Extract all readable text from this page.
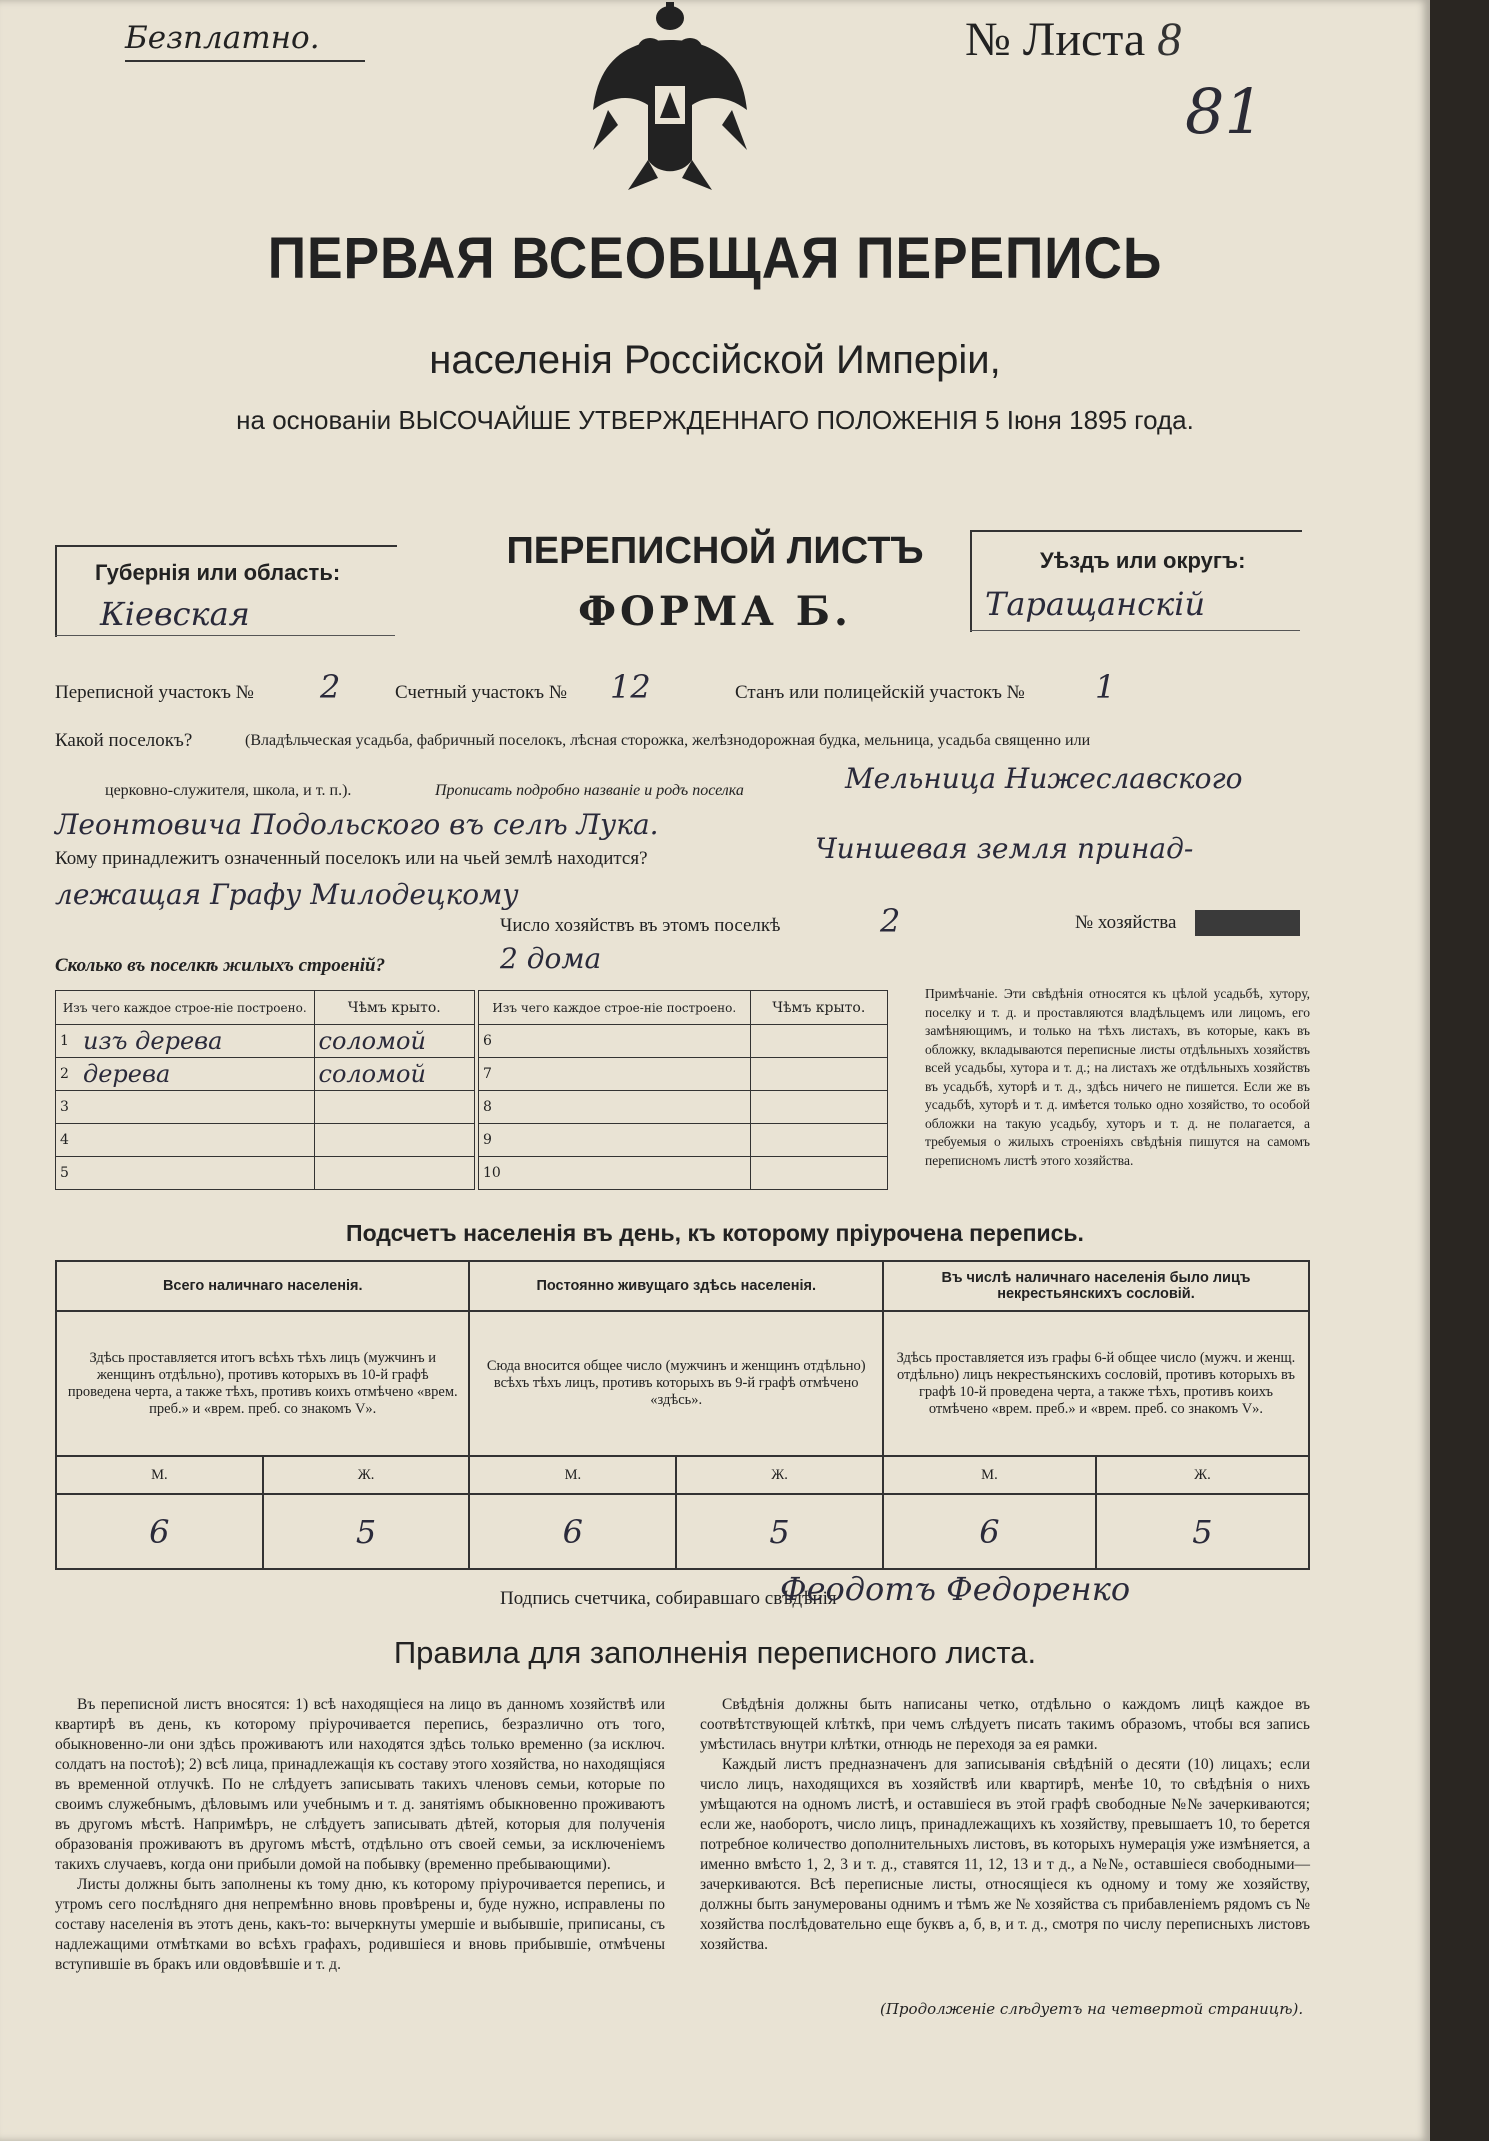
Безплатно.	№ Листа 8
81
ПЕРВАЯ ВСЕОБЩАЯ ПЕРЕПИСЬ
населенія Россійской Имперіи,
на основаніи ВЫСОЧАЙШЕ УТВЕРЖДЕННАГО ПОЛОЖЕНІЯ 5 Іюня 1895 года.
Губернія или область:
Кіевская
ПЕРЕПИСНОЙ ЛИСТЪ
ФОРМА Б.
Уѣздъ или округъ:
Таращанскій
Переписной участокъ № 2	Счетный участокъ № 12	Станъ или полицейскій участокъ № 1
Какой поселокъ?	(Владѣльческая усадьба, фабричный поселокъ, лѣсная сторожка, желѣзнодорожная будка, мельница, усадьба священно или
церковно-служителя, школа, и т. п.).	Прописать подробно названіе и родъ поселка	Мельница Нижеславского
Леонтовича Подольского въ селѣ Лука.
Кому принадлежитъ означенный поселокъ или на чьей землѣ находится?	Чиншевая земля принад-
лежащая Графу Милодецкому
Число хозяйствъ въ этомъ поселкѣ	2	№ хозяйства
Сколько въ поселкѣ жилыхъ строеній?	2 дома
Изъ чего каждое строе-ніе построено.		Чѣмъ крыто.
1	изъ дерева	соломой
2	дерева	соломой
3		
4		
5		
Изъ чего каждое строе-ніе построено.		Чѣмъ крыто.
6		
7		
8		
9		
10		
Примѣчаніе. Эти свѣдѣнія относятся къ цѣлой усадьбѣ, хутору, поселку и т. д. и проставляются владѣльцемъ или лицомъ, его замѣняющимъ, и только на тѣхъ листахъ, въ которые, какъ въ обложку, вкладываются переписные листы отдѣльныхъ хозяйствъ всей усадьбы, хутора и т. д.; на листахъ же отдѣльныхъ хозяйствъ въ усадьбѣ, хуторѣ и т. д., здѣсь ничего не пишется. Если же въ усадьбѣ, хуторѣ и т. д. имѣется только одно хозяйство, то особой обложки на такую усадьбу, хуторъ и т. д. не полагается, а требуемыя о жилыхъ строеніяхъ свѣдѣнія пишутся на самомъ переписномъ листѣ этого хозяйства.
Подсчетъ населенія въ день, къ которому пріурочена перепись.
Всего наличнаго населенія.		Постоянно живущаго здѣсь населенія.		Въ числѣ наличнаго населенія было лицъ некрестьянскихъ сословій.	
Здѣсь проставляется итогъ всѣхъ тѣхъ лицъ (мужчинъ и женщинъ отдѣльно), противъ которыхъ въ 10-й графѣ проведена черта, а также тѣхъ, противъ коихъ отмѣчено «врем. преб.» и «врем. преб. со знакомъ V».		Сюда вносится общее число (мужчинъ и женщинъ отдѣльно) всѣхъ тѣхъ лицъ, противъ которыхъ въ 9-й графѣ отмѣчено «здѣсь».		Здѣсь проставляется изъ графы 6-й общее число (мужч. и женщ. отдѣльно) лицъ некрестьянскихъ сословій, противъ которыхъ въ графѣ 10-й проведена черта, а также тѣхъ, противъ коихъ отмѣчено «врем. преб.» и «врем. преб. со знакомъ V».	
М.	Ж.	М.	Ж.	М.	Ж.
6	5	6	5	6	5
Подпись счетчика, собиравшаго свѣдѣнія
Феодотъ Федоренко
Правила для заполненія переписного листа.
Въ переписной листъ вносятся: 1) всѣ находящіеся на лицо въ данномъ хозяйствѣ или квартирѣ въ день, къ которому пріурочивается перепись, безразлично отъ того, обыкновенно-ли они здѣсь проживаютъ или находятся здѣсь только временно (за исключ. солдатъ на постоѣ); 2) всѣ лица, принадлежащія къ составу этого хозяйства, но находящіяся въ временной отлучкѣ. По не слѣдуетъ записывать такихъ членовъ семьи, которые по своимъ служебнымъ, дѣловымъ или учебнымъ и т. д. занятіямъ обыкновенно проживаютъ въ другомъ мѣстѣ. Напримѣръ, не слѣдуетъ записывать дѣтей, которыя для полученія образованія проживаютъ въ другомъ мѣстѣ, отдѣльно отъ своей семьи, за исключеніемъ такихъ случаевъ, когда они прибыли домой на побывку (временно пребывающими).
Листы должны быть заполнены къ тому дню, къ которому пріурочивается перепись, и утромъ сего послѣдняго дня непремѣнно вновь провѣрены и, буде нужно, исправлены по составу населенія въ этотъ день, какъ-то: вычеркнуты умершіе и выбывшіе, приписаны, съ надлежащими отмѣтками во всѣхъ графахъ, родившіеся и вновь прибывшіе, отмѣчены вступившіе въ бракъ или овдовѣвшіе и т. д.
Свѣдѣнія должны быть написаны четко, отдѣльно о каждомъ лицѣ каждое въ соотвѣтствующей клѣткѣ, при чемъ слѣдуетъ писать такимъ образомъ, чтобы вся запись умѣстилась внутри клѣтки, отнюдь не переходя за ея рамки.
Каждый листъ предназначенъ для записыванія свѣдѣній о десяти (10) лицахъ; если число лицъ, находящихся въ хозяйствѣ или квартирѣ, менѣе 10, то свѣдѣнія о нихъ умѣщаются на одномъ листѣ, и оставшіеся въ этой графѣ свободные №№ зачеркиваются; если же, наоборотъ, число лицъ, принадлежащихъ къ хозяйству, превышаетъ 10, то берется потребное количество дополнительныхъ листовъ, въ которыхъ нумерація уже измѣняется, а именно вмѣсто 1, 2, 3 и т. д., ставятся 11, 12, 13 и т д., а №№, оставшіеся свободными—зачеркиваются. Всѣ переписные листы, относящіеся къ одному и тому же хозяйству, должны быть занумерованы однимъ и тѣмъ же № хозяйства съ прибавленіемъ рядомъ съ № хозяйства послѣдовательно еще буквъ а, б, в, и т. д., смотря по числу переписныхъ листовъ хозяйства.
(Продолженіе слѣдуетъ на четвертой страницѣ).
